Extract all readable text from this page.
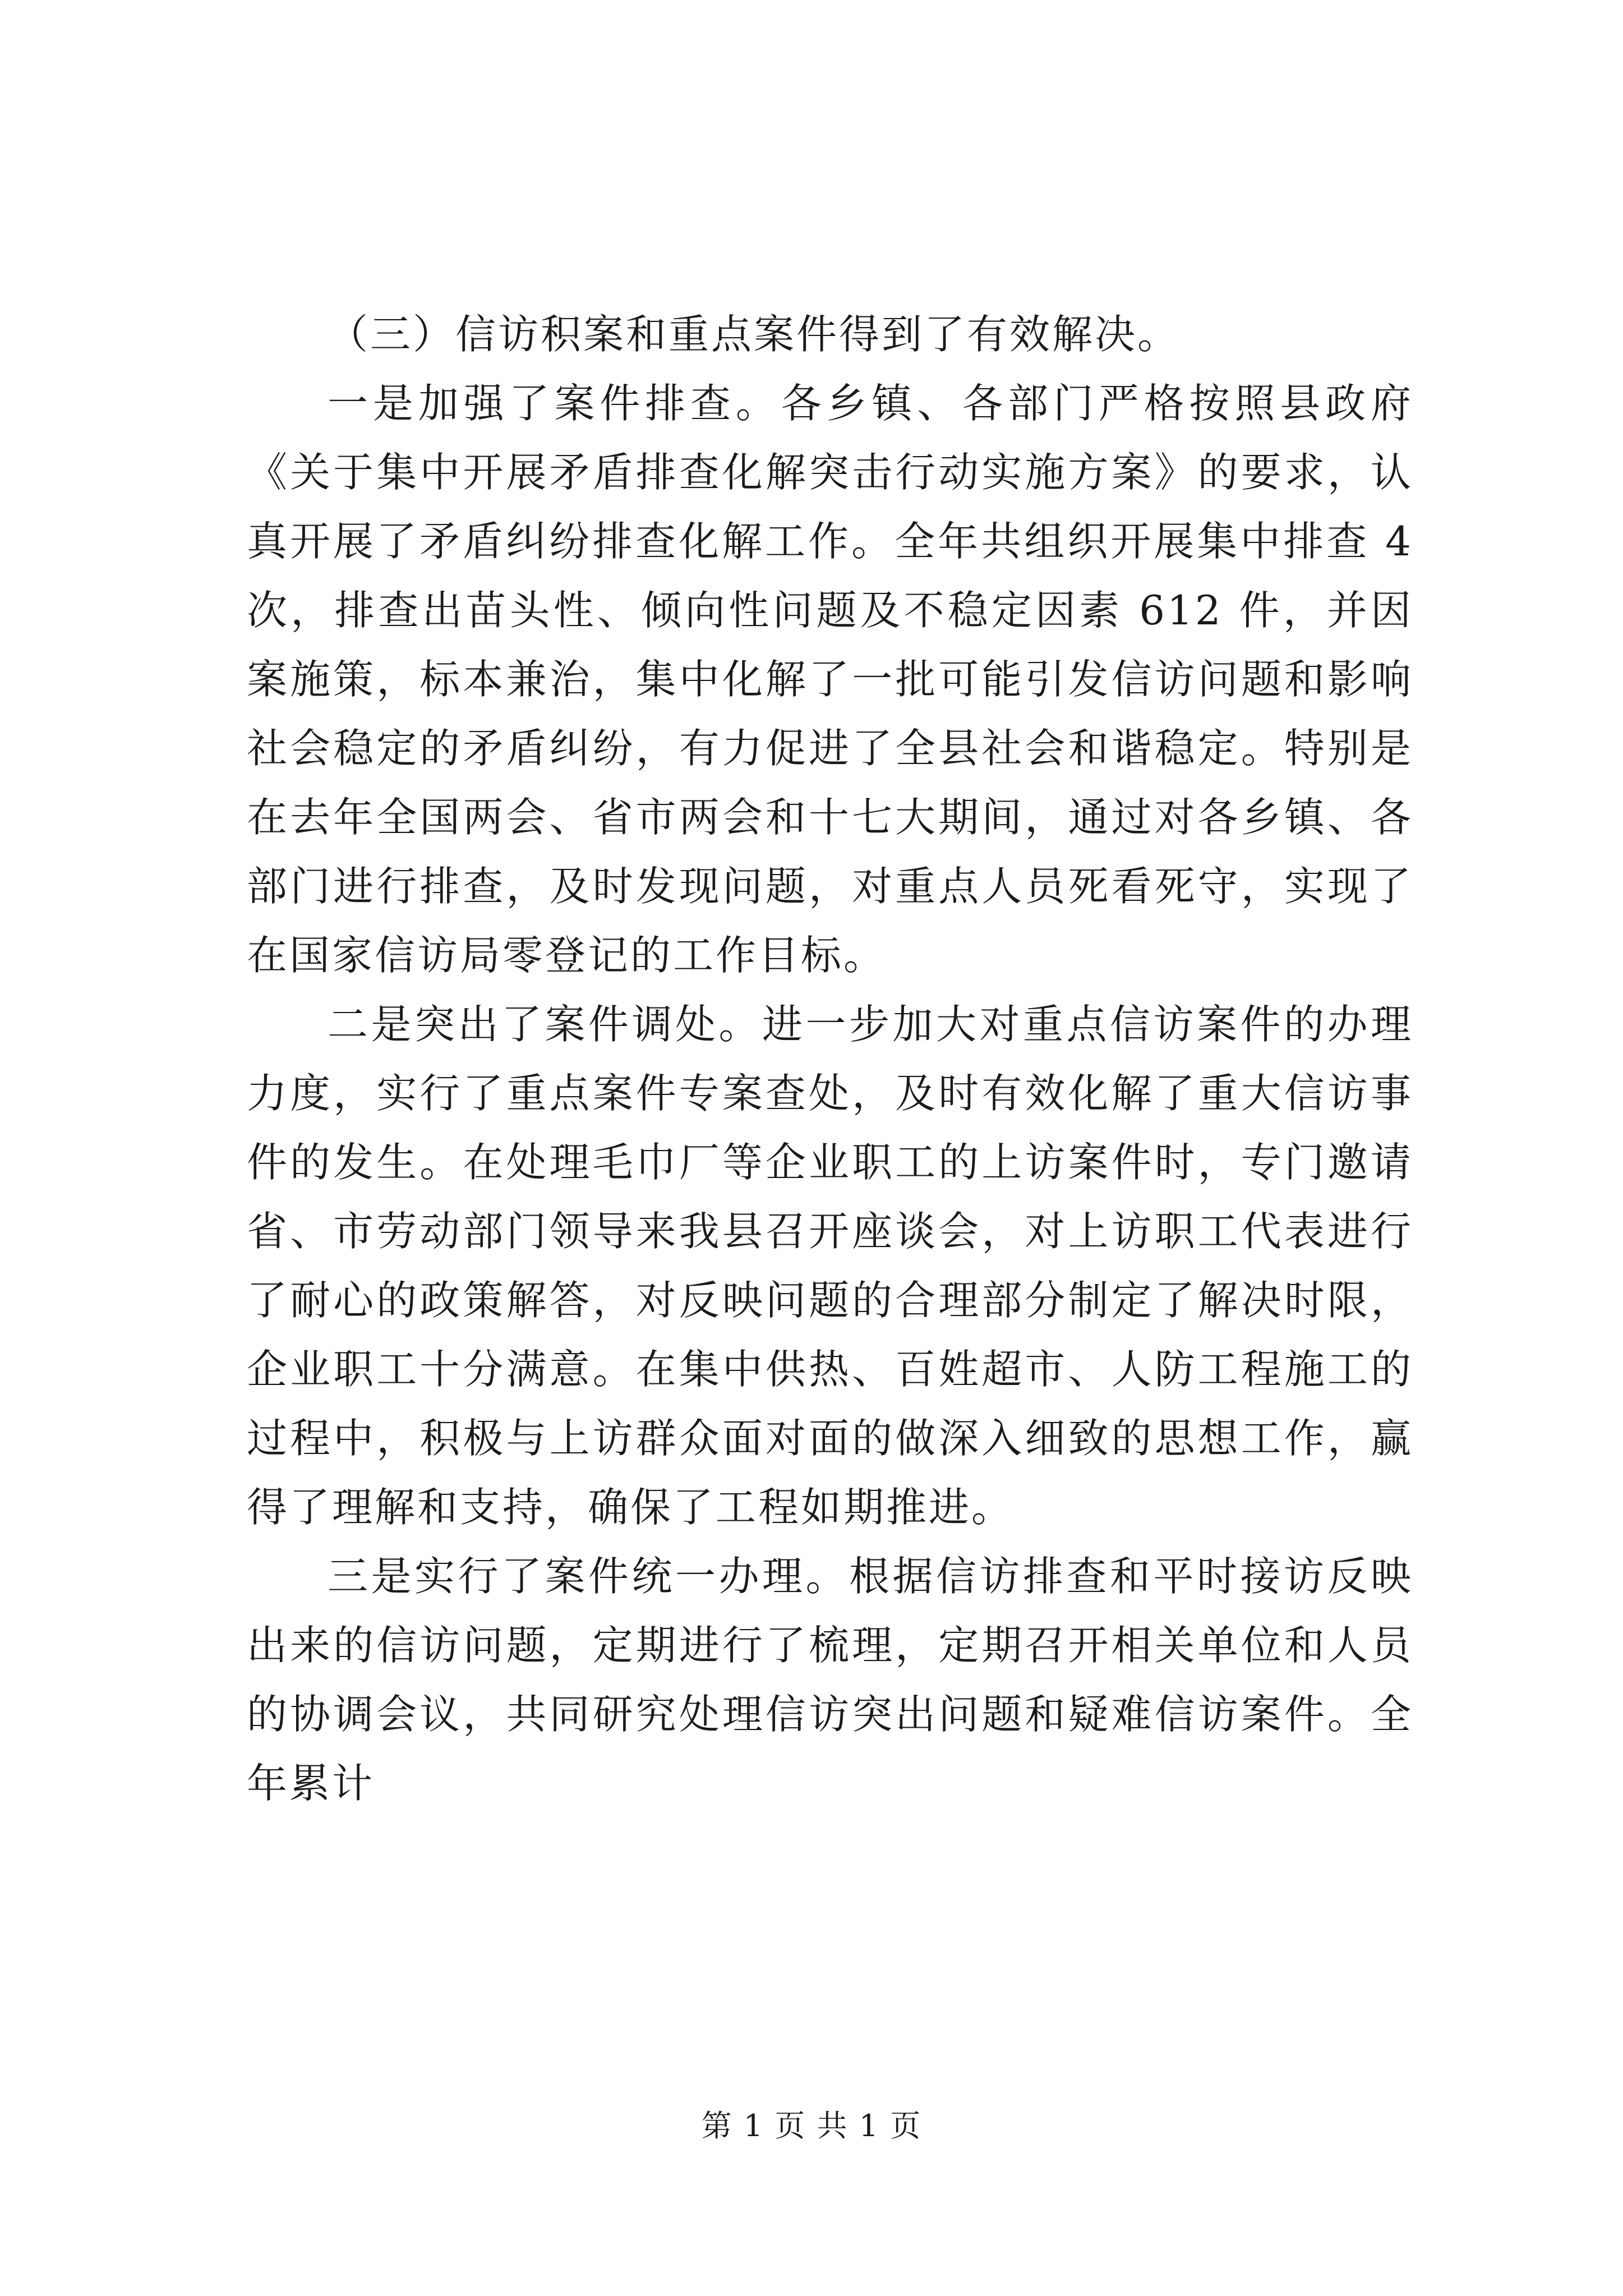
（三）信访积案和重点案件得到了有效解决。

一是加强了案件排查。各乡镇、各部门严格按照县政府《关于集中开展矛盾排查化解突击行动实施方案》的要求，认真开展了矛盾纠纷排查化解工作。全年共组织开展集中排查 4 次，排查出苗头性、倾向性问题及不稳定因素 612 件，并因案施策，标本兼治，集中化解了一批可能引发信访问题和影响社会稳定的矛盾纠纷，有力促进了全县社会和谐稳定。特别是在去年全国两会、省市两会和十七大期间，通过对各乡镇、各部门进行排查，及时发现问题，对重点人员死看死守，实现了在国家信访局零登记的工作目标。

二是突出了案件调处。进一步加大对重点信访案件的办理力度，实行了重点案件专案查处，及时有效化解了重大信访事件的发生。在处理毛巾厂等企业职工的上访案件时，专门邀请省、市劳动部门领导来我县召开座谈会，对上访职工代表进行了耐心的政策解答，对反映问题的合理部分制定了解决时限，企业职工十分满意。在集中供热、百姓超市、人防工程施工的过程中，积极与上访群众面对面的做深入细致的思想工作，赢得了理解和支持，确保了工程如期推进。

三是实行了案件统一办理。根据信访排查和平时接访反映出来的信访问题，定期进行了梳理，定期召开相关单位和人员的协调会议，共同研究处理信访突出问题和疑难信访案件。全年累计

第 1 页 共 1 页
